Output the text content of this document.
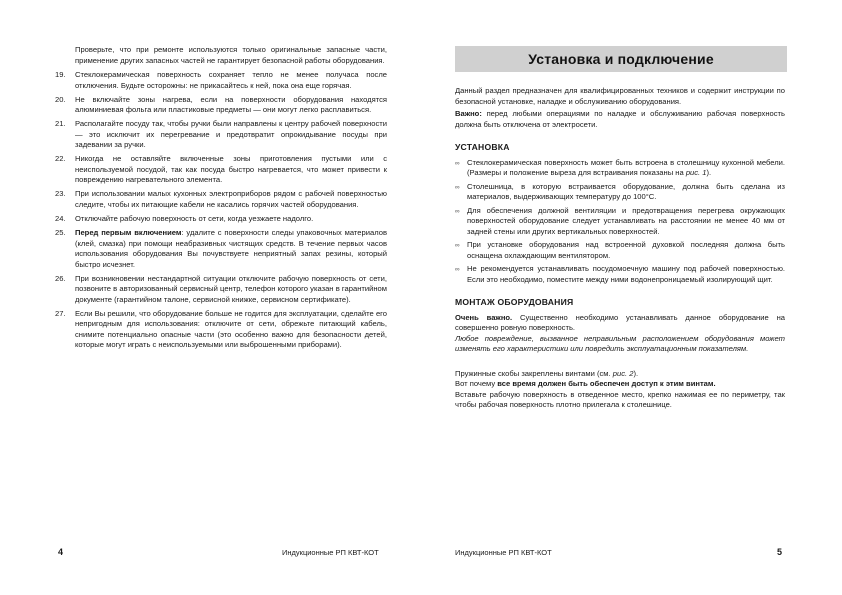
Проверьте, что при ремонте используются только оригинальные запасные части, применение других запасных частей не гарантирует безопасной работы оборудования.

19.	Стеклокерамическая поверхность сохраняет тепло не менее получаса после отключения. Будьте осторожны: не прикасайтесь к ней, пока она еще горячая.
20.	Не включайте зоны нагрева, если на поверхности оборудования находятся алюминиевая фольга или пластиковые предметы — они могут легко расплавиться.
21.	Располагайте посуду так, чтобы ручки были направлены к центру рабочей поверхности — это исключит их перегревание и предотвратит опрокидывание посуды при задевании за ручки.
22.	Никогда не оставляйте включенные зоны приготовления пустыми или с неиспользуемой посудой, так как посуда быстро нагревается, что может привести к повреждению нагревательного элемента.
23.	При использовании малых кухонных электроприборов рядом с рабочей поверхностью следите, чтобы их питающие кабели не касались горячих частей оборудования.
24.	Отключайте рабочую поверхность от сети, когда уезжаете надолго.
25.	Перед первым включением: удалите с поверхности следы упаковочных материалов (клей, смазка) при помощи неабразивных чистящих средств. В течение первых часов использования оборудования Вы почувствуете неприятный запах резины, который быстро исчезнет.
26.	При возникновении нестандартной ситуации отключите рабочую поверхность от сети, позвоните в авторизованный сервисный центр, телефон которого указан в гарантийном документе (гарантийном талоне, сервисной книжке, сервисном сертификате).
27.	Если Вы решили, что оборудование больше не годится для эксплуатации, сделайте его непригодным для использования: отключите от сети, обрежьте питающий кабель, снимите потенциально опасные части (это особенно важно для безопасности детей, которые могут играть с неиспользуемыми или выброшенными приборами).
Установка и подключение

Данный раздел предназначен для квалифицированных техников и содержит инструкции по безопасной установке, наладке и обслуживанию оборудования.

Важно: перед любыми операциями по наладке и обслуживанию рабочая поверхность должна быть отключена от электросети.

УСТАНОВКА
∞ Стеклокерамическая поверхность может быть встроена в столешницу кухонной мебели. (Размеры и положение выреза для встраивания показаны на рис. 1).
∞ Столешница, в которую встраивается оборудование, должна быть сделана из материалов, выдерживающих температуру до 100°С.
∞ Для обеспечения должной вентиляции и предотвращения перегрева окружающих поверхностей оборудование следует устанавливать на расстоянии не менее 40 мм от задней стены или других вертикальных поверхностей.
∞ При установке оборудования над встроенной духовкой последняя должна быть оснащена охлаждающим вентилятором.
∞ Не рекомендуется устанавливать посудомоечную машину под рабочей поверхностью. Если это необходимо, поместите между ними водонепроницаемый изолирующий щит.
МОНТАЖ ОБОРУДОВАНИЯ

Очень важно. Существенно необходимо устанавливать данное оборудование на совершенно ровную поверхность.

Любое повреждение, вызванное неправильным расположением оборудования может изменять его характеристики или повредить эксплуатационным показателям.

Пружинные скобы закреплены винтами (см. рис. 2).

Вот почему все время должен быть обеспечен доступ к этим винтам.

Вставьте рабочую поверхность в отведенное место, крепко нажимая ее по периметру, так чтобы рабочая поверхность плотно прилегала к столешнице.

4	Индукционные РП КВТ-КОТ	Индукционные РП КВТ-КОТ	5
